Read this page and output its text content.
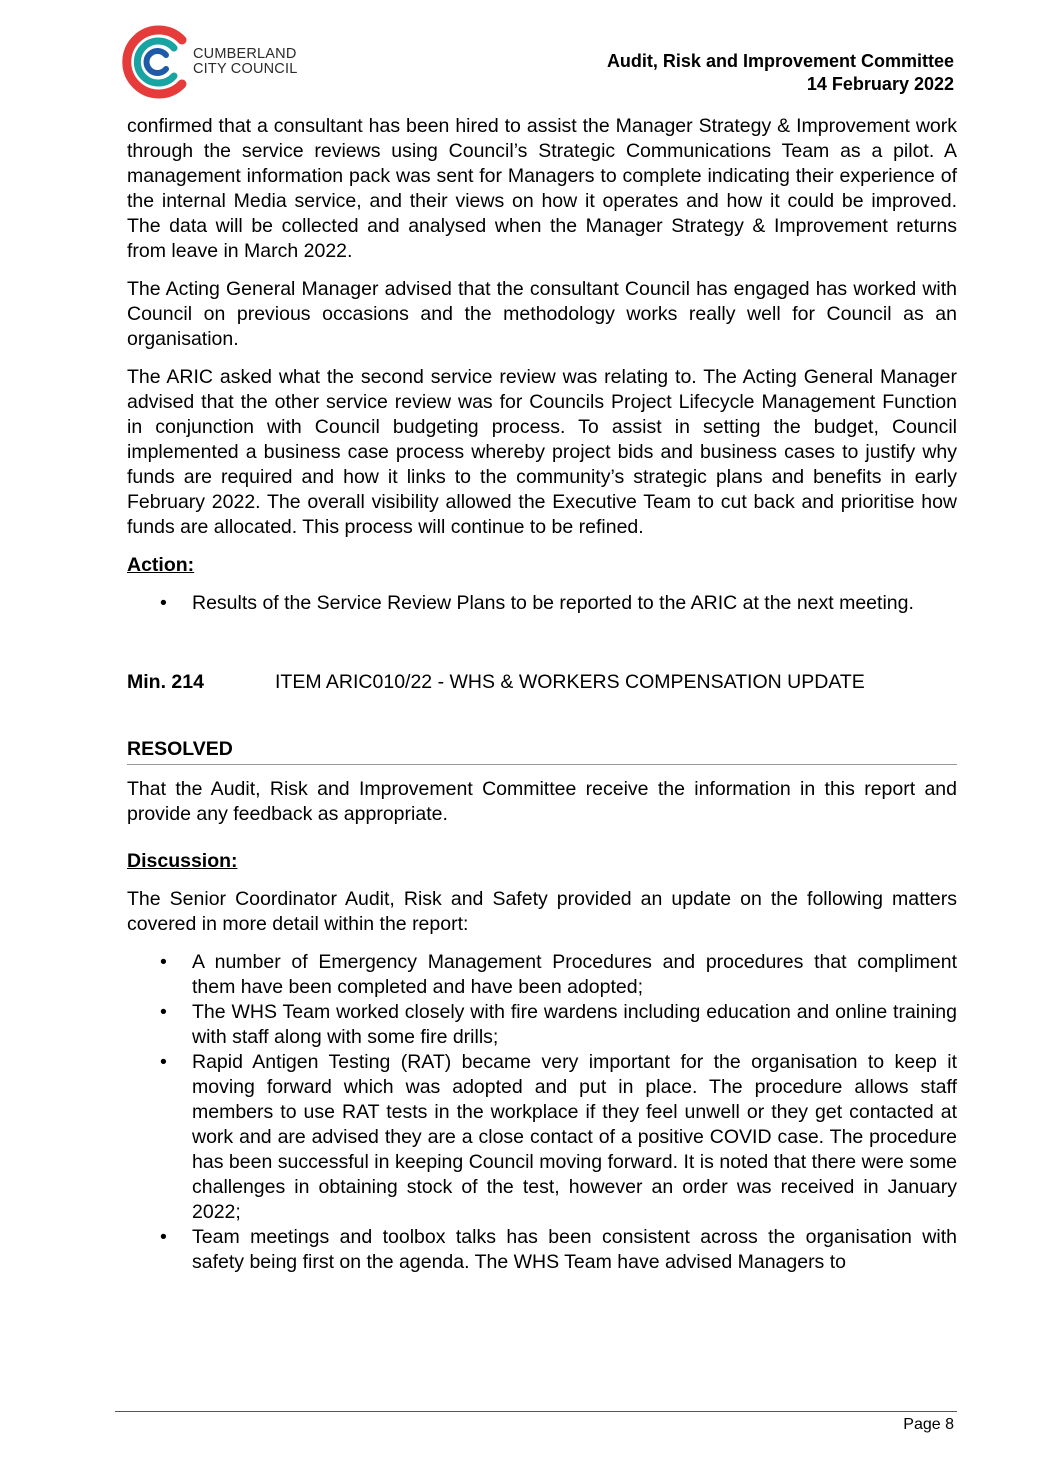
CUMBERLAND
CITY COUNCIL	Audit, Risk and Improvement Committee
14 February 2022

confirmed that a consultant has been hired to assist the Manager Strategy & Improvement work through the service reviews using Council’s Strategic Communications Team as a pilot. A management information pack was sent for Managers to complete indicating their experience of the internal Media service, and their views on how it operates and how it could be improved. The data will be collected and analysed when the Manager Strategy & Improvement returns from leave in March 2022.

The Acting General Manager advised that the consultant Council has engaged has worked with Council on previous occasions and the methodology works really well for Council as an organisation.

The ARIC asked what the second service review was relating to. The Acting General Manager advised that the other service review was for Councils Project Lifecycle Management Function in conjunction with Council budgeting process. To assist in setting the budget, Council implemented a business case process whereby project bids and business cases to justify why funds are required and how it links to the community’s strategic plans and benefits in early February 2022. The overall visibility allowed the Executive Team to cut back and prioritise how funds are allocated. This process will continue to be refined.

Action:
• Results of the Service Review Plans to be reported to the ARIC at the next meeting.
Min. 214	ITEM ARIC010/22 - WHS & WORKERS COMPENSATION UPDATE
RESOLVED

That the Audit, Risk and Improvement Committee receive the information in this report and provide any feedback as appropriate.

Discussion:

The Senior Coordinator Audit, Risk and Safety provided an update on the following matters covered in more detail within the report:

• A number of Emergency Management Procedures and procedures that compliment them have been completed and have been adopted;
• The WHS Team worked closely with fire wardens including education and online training with staff along with some fire drills;
• Rapid Antigen Testing (RAT) became very important for the organisation to keep it moving forward which was adopted and put in place. The procedure allows staff members to use RAT tests in the workplace if they feel unwell or they get contacted at work and are advised they are a close contact of a positive COVID case. The procedure has been successful in keeping Council moving forward. It is noted that there were some challenges in obtaining stock of the test, however an order was received in January 2022;
• Team meetings and toolbox talks has been consistent across the organisation with safety being first on the agenda. The WHS Team have advised Managers to
Page 8
